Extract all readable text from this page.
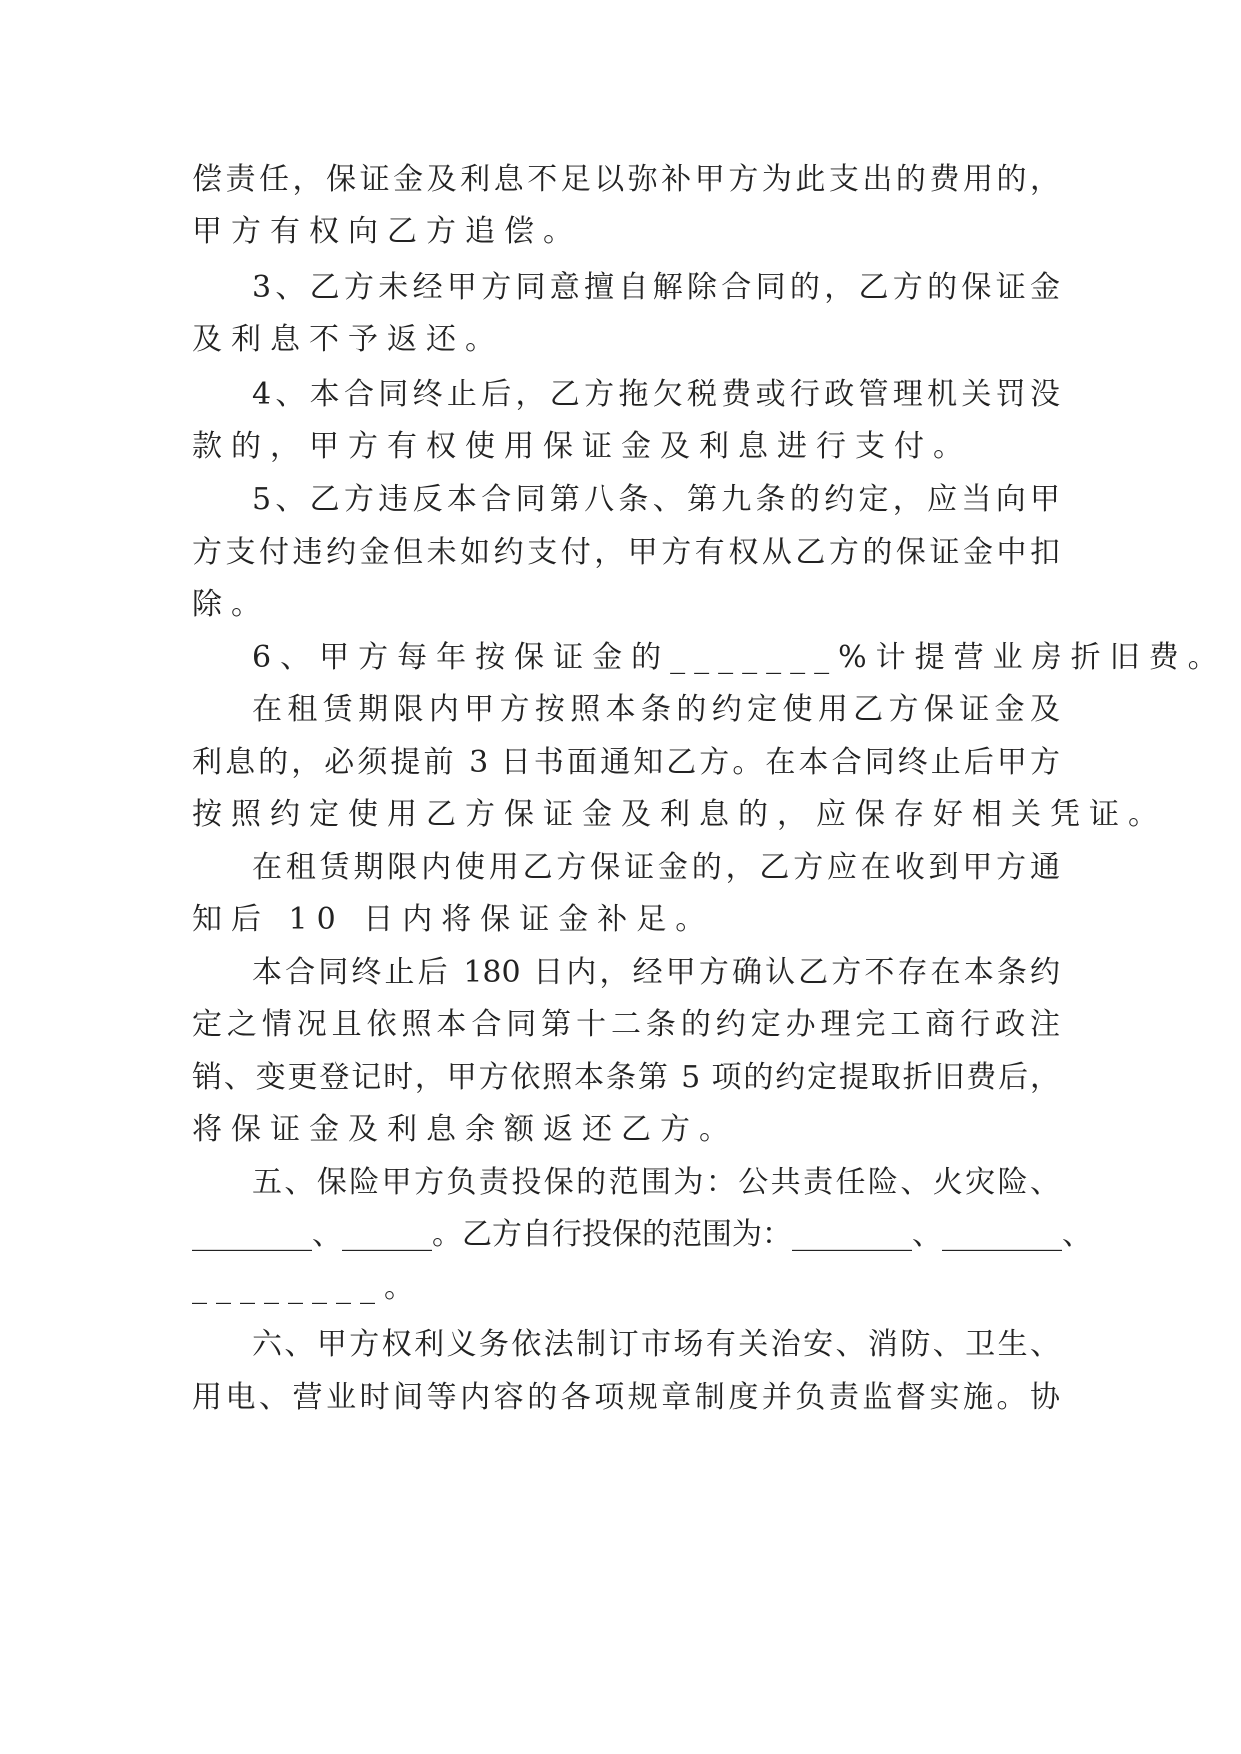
偿责任，保证金及利息不足以弥补甲方为此支出的费用的，
甲方有权向乙方追偿。
3、乙方未经甲方同意擅自解除合同的，乙方的保证金
及利息不予返还。
4、本合同终止后，乙方拖欠税费或行政管理机关罚没
款的，甲方有权使用保证金及利息进行支付。
5、乙方违反本合同第八条、第九条的约定，应当向甲
方支付违约金但未如约支付，甲方有权从乙方的保证金中扣
除。
6、甲方每年按保证金的_______%计提营业房折旧费。
在租赁期限内甲方按照本条的约定使用乙方保证金及
利息的，必须提前 3 日书面通知乙方。在本合同终止后甲方
按照约定使用乙方保证金及利息的，应保存好相关凭证。
在租赁期限内使用乙方保证金的，乙方应在收到甲方通
知后 10 日内将保证金补足。
本合同终止后 180 日内，经甲方确认乙方不存在本条约
定之情况且依照本合同第十二条的约定办理完工商行政注
销、变更登记时，甲方依照本条第 5 项的约定提取折旧费后，
将保证金及利息余额返还乙方。
五、保险甲方负责投保的范围为：公共责任险、火灾险、
________、______。乙方自行投保的范围为：________、________、
________。
六、甲方权利义务依法制订市场有关治安、消防、卫生、
用电、营业时间等内容的各项规章制度并负责监督实施。协
